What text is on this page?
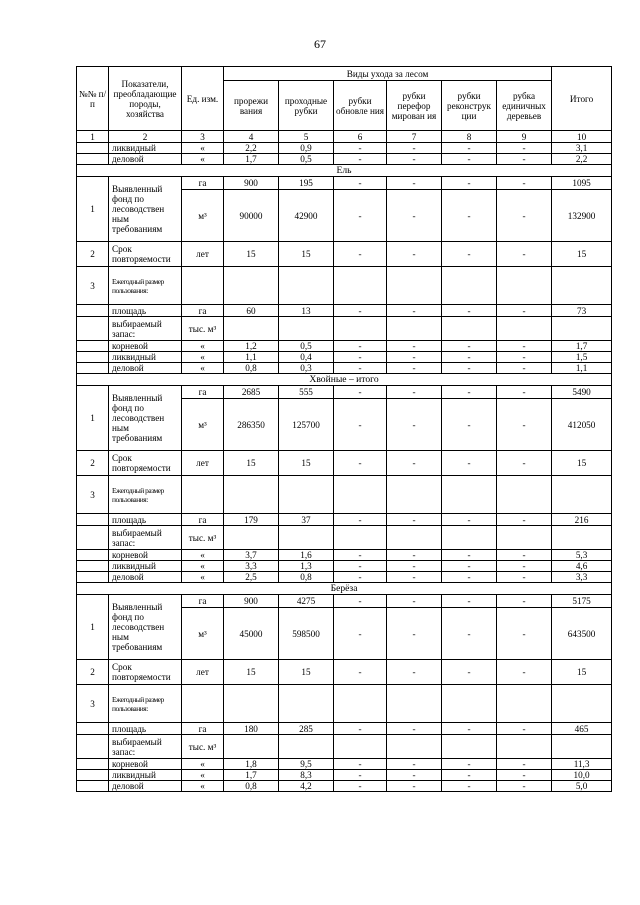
67
№№ п/п	Показатели, преобладающие породы, хозяйства	Ед. изм.	Виды ухода за лесом						Итого
			прорежи вания	проходные рубки	рубки обновле ния	рубки перефор мирован ия	рубки реконструк ции	рубка единичных деревьев	
1	2	3	4	5	6	7	8	9	10
	ликвидный	«	2,2	0,9	-	-	-	-	3,1
	деловой	«	1,7	0,5	-	-	-	-	2,2
Ель									
1	Выявленный фонд по лесоводствен ным требованиям	га	900	195	-	-	-	-	1095
		м³	90000	42900	-	-	-	-	132900
2	Срок повторяемости	лет	15	15	-	-	-	-	15
3	Ежегодный размер пользования:								
	площадь	га	60	13	-	-	-	-	73
	выбираемый запас:	тыс. м³							
	корневой	«	1,2	0,5	-	-	-	-	1,7
	ликвидный	«	1,1	0,4	-	-	-	-	1,5
	деловой	«	0,8	0,3	-	-	-	-	1,1
Хвойные – итого									
1	Выявленный фонд по лесоводствен ным требованиям	га	2685	555	-	-	-	-	5490
		м³	286350	125700	-	-	-	-	412050
2	Срок повторяемости	лет	15	15	-	-	-	-	15
3	Ежегодный размер пользования:								
	площадь	га	179	37	-	-	-	-	216
	выбираемый запас:	тыс. м³							
	корневой	«	3,7	1,6	-	-	-	-	5,3
	ликвидный	«	3,3	1,3	-	-	-	-	4,6
	деловой	«	2,5	0,8	-	-	-	-	3,3
Берёза									
1	Выявленный фонд по лесоводствен ным требованиям	га	900	4275	-	-	-	-	5175
		м³	45000	598500	-	-	-	-	643500
2	Срок повторяемости	лет	15	15	-	-	-	-	15
3	Ежегодный размер пользования:								
	площадь	га	180	285	-	-	-	-	465
	выбираемый запас:	тыс. м³							
	корневой	«	1,8	9,5	-	-	-	-	11,3
	ликвидный	«	1,7	8,3	-	-	-	-	10,0
	деловой	«	0,8	4,2	-	-	-	-	5,0
